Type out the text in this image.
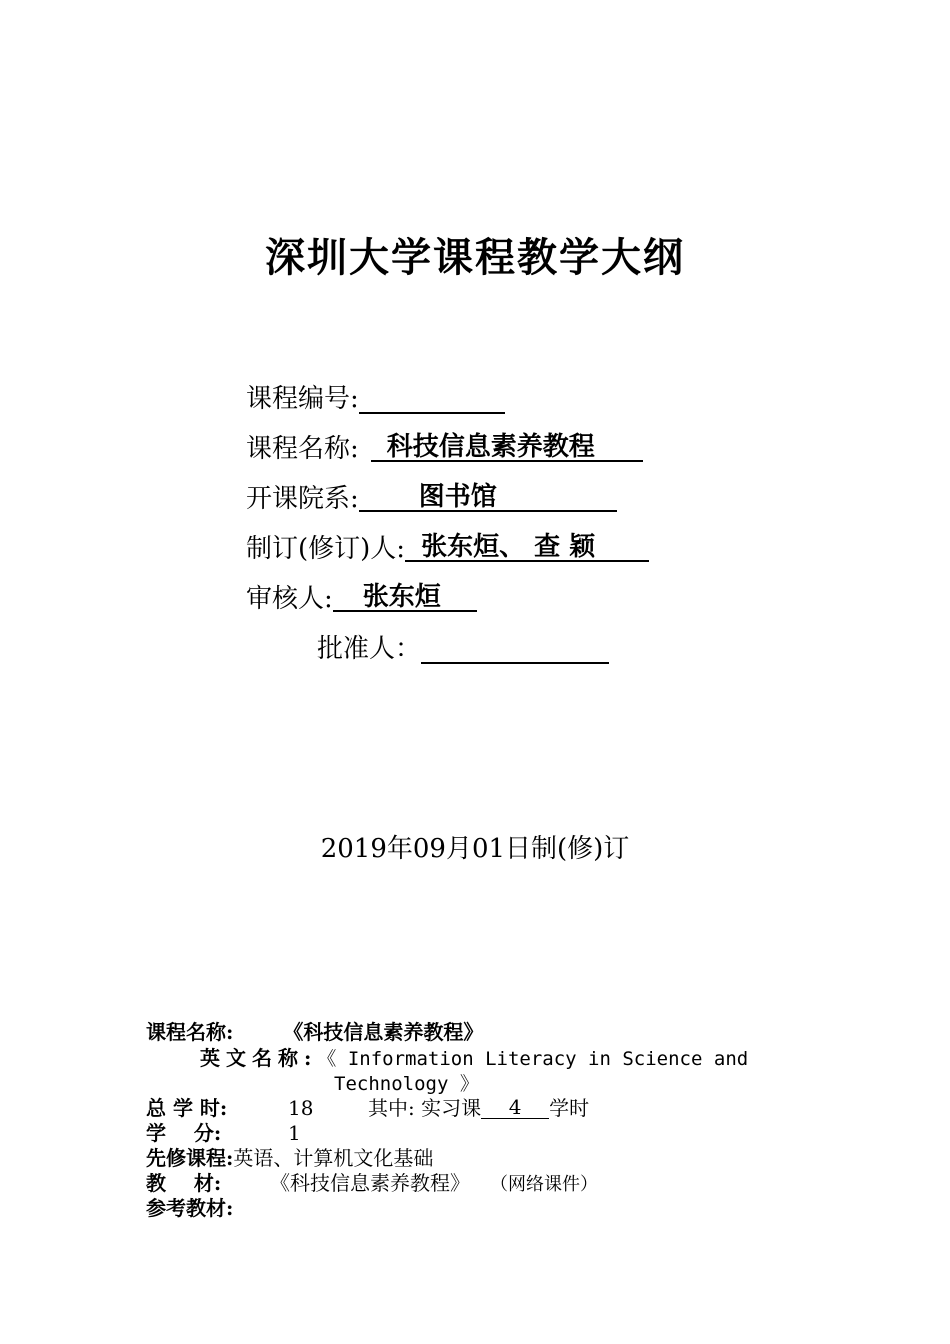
深圳大学课程教学大纲
课程编号:
课程名称: 科技信息素养教程
开课院系: 图书馆
制订(修订)人: 张东烜、 查 颖
审核人: 张东烜
批准人：
2019年09月01日制(修)订
课程名称:	《科技信息素养教程》
英文名称:《 Information Literacy in Science and
Technology 》
总 学 时:	18	其中: 实习课 4 学时
学    分:	1
先修课程:英语、计算机文化基础
教    材: 《科技信息素养教程》 （网络课件）
参考教材:
